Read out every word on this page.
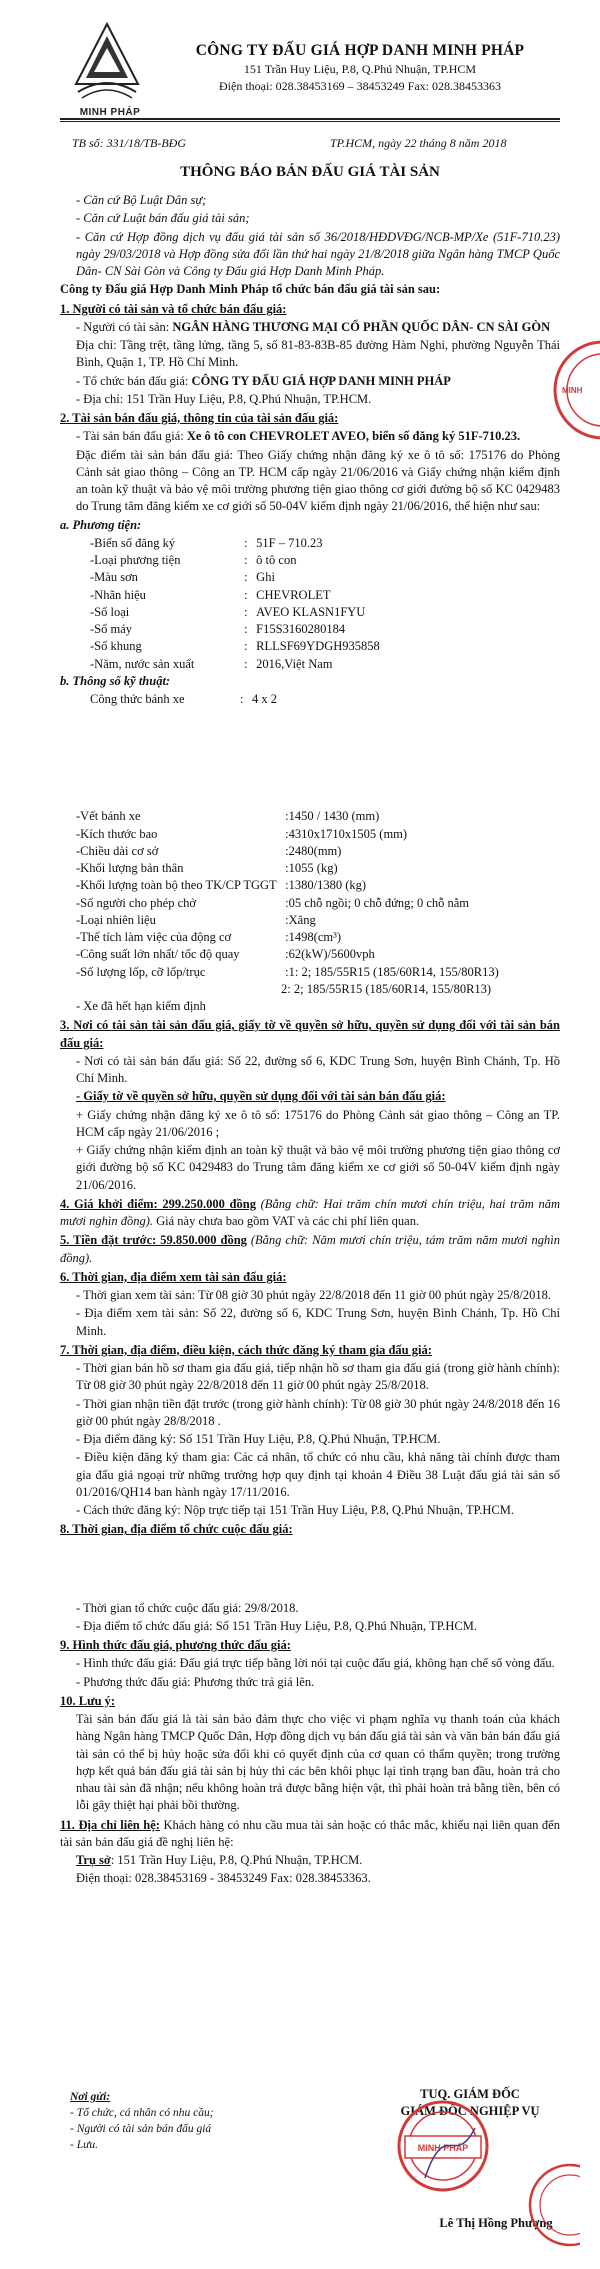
MINH PHÁP
CÔNG TY ĐẤU GIÁ HỢP DANH MINH PHÁP
151 Trần Huy Liệu, P.8, Q.Phú Nhuận, TP.HCM
Điện thoại: 028.38453169 – 38453249 Fax: 028.38453363
TB số: 331/18/TB-BĐG	TP.HCM, ngày 22 tháng 8 năm 2018
THÔNG BÁO BÁN ĐẤU GIÁ TÀI SẢN

- Căn cứ Bộ Luật Dân sự;

- Căn cứ Luật bán đấu giá tài sản;

- Căn cứ Hợp đồng dịch vụ đấu giá tài sản số 36/2018/HĐDVĐG/NCB-MP/Xe (51F-710.23) ngày 29/03/2018 và Hợp đồng sửa đổi lần thứ hai ngày 21/8/2018 giữa Ngân hàng TMCP Quốc Dân- CN Sài Gòn và Công ty Đấu giá Hợp Danh Minh Pháp.

Công ty Đấu giá Hợp Danh Minh Pháp tổ chức bán đấu giá tài sản sau:

1. Người có tài sản và tổ chức bán đấu giá:

- Người có tài sản: NGÂN HÀNG THƯƠNG MẠI CỔ PHẦN QUỐC DÂN- CN SÀI GÒN

Địa chỉ: Tầng trệt, tầng lửng, tầng 5, số 81-83-83B-85 đường Hàm Nghi, phường Nguyễn Thái Bình, Quận 1, TP. Hồ Chí Minh.

- Tổ chức bán đấu giá: CÔNG TY ĐẤU GIÁ HỢP DANH MINH PHÁP

- Địa chỉ: 151 Trần Huy Liệu, P.8, Q.Phú Nhuận, TP.HCM.

2. Tài sản bán đấu giá, thông tin của tài sản đấu giá:

- Tài sản bán đấu giá: Xe ô tô con CHEVROLET AVEO, biển số đăng ký 51F-710.23.

Đặc điểm tài sản bán đấu giá: Theo Giấy chứng nhận đăng ký xe ô tô số: 175176 do Phòng Cảnh sát giao thông – Công an TP. HCM cấp ngày 21/06/2016 và Giấy chứng nhận kiểm định an toàn kỹ thuật và bảo vệ môi trường phương tiện giao thông cơ giới đường bộ số KC 0429483 do Trung tâm đăng kiểm xe cơ giới số 50-04V kiểm định ngày 21/06/2016, thể hiện như sau:

a. Phương tiện:

- Biển số đăng ký	: 51F – 710.23
- Loại phương tiện	: ô tô con
- Màu sơn	: Ghi
- Nhãn hiệu	: CHEVROLET
- Số loại	: AVEO KLASN1FYU
- Số máy	: F15S3160280184
- Số khung	: RLLSF69YDGH935858
- Năm, nước sản xuất	: 2016,Việt Nam

b. Thông số kỹ thuật:

Công thức bánh xe	: 4 x 2
- Vết bánh xe	: 1450 / 1430 (mm)
- Kích thước bao	: 4310x1710x1505 (mm)
- Chiều dài cơ sở	: 2480(mm)
- Khối lượng bản thân	: 1055 (kg)
- Khối lượng toàn bộ theo TK/CP TGGT : 1380/1380 (kg)
- Số người cho phép chở	: 05 chỗ ngồi; 0 chỗ đứng; 0 chỗ nằm
- Loại nhiên liệu	: Xăng
- Thể tích làm việc của động cơ	: 1498(cm³)
- Công suất lớn nhất/ tốc độ quay	: 62(kW)/5600vph
- Số lượng lốp, cỡ lốp/trục	: 1: 2; 185/55R15 (185/60R14, 155/80R13)
2: 2; 185/55R15 (185/60R14, 155/80R13)

- Xe đã hết hạn kiểm định

3. Nơi có tài sản tài sản đấu giá, giấy tờ về quyền sở hữu, quyền sử dụng đối với tài sản bán đấu giá:

- Nơi có tài sản bán đấu giá: Số 22, đường số 6, KDC Trung Sơn, huyện Bình Chánh, Tp. Hồ Chí Minh.

- Giấy tờ về quyền sở hữu, quyền sử dụng đối với tài sản bán đấu giá:

+ Giấy chứng nhận đăng ký xe ô tô số: 175176 do Phòng Cảnh sát giao thông – Công an TP. HCM cấp ngày 21/06/2016 ;

+ Giấy chứng nhận kiểm định an toàn kỹ thuật và bảo vệ môi trường phương tiện giao thông cơ giới đường bộ số KC 0429483 do Trung tâm đăng kiểm xe cơ giới số 50-04V kiểm định ngày 21/06/2016.

4. Giá khởi điểm: 299.250.000 đồng (Bằng chữ: Hai trăm chín mươi chín triệu, hai trăm năm mươi nghìn đồng). Giá này chưa bao gồm VAT và các chi phí liên quan.

5. Tiền đặt trước: 59.850.000 đồng (Bằng chữ: Năm mươi chín triệu, tám trăm năm mươi nghìn đồng).

6. Thời gian, địa điểm xem tài sản đấu giá:

- Thời gian xem tài sản: Từ 08 giờ 30 phút ngày 22/8/2018 đến 11 giờ 00 phút ngày 25/8/2018.

- Địa điểm xem tài sản: Số 22, đường số 6, KDC Trung Sơn, huyện Bình Chánh, Tp. Hồ Chí Minh.

7. Thời gian, địa điểm, điều kiện, cách thức đăng ký tham gia đấu giá:

- Thời gian bán hồ sơ tham gia đấu giá, tiếp nhận hồ sơ tham gia đấu giá (trong giờ hành chính): Từ 08 giờ 30 phút ngày 22/8/2018 đến 11 giờ 00 phút ngày 25/8/2018.

- Thời gian nhận tiền đặt trước (trong giờ hành chính): Từ 08 giờ 30 phút ngày 24/8/2018 đến 16 giờ 00 phút ngày 28/8/2018 .

- Địa điểm đăng ký: Số 151 Trần Huy Liệu, P.8, Q.Phú Nhuận, TP.HCM.

- Điều kiện đăng ký tham gia: Các cá nhân, tổ chức có nhu cầu, khả năng tài chính được tham gia đấu giá ngoại trừ những trường hợp quy định tại khoản 4 Điều 38 Luật đấu giá tài sản số 01/2016/QH14 ban hành ngày 17/11/2016.

- Cách thức đăng ký: Nộp trực tiếp tại 151 Trần Huy Liệu, P.8, Q.Phú Nhuận, TP.HCM.

8. Thời gian, địa điểm tổ chức cuộc đấu giá:

- Thời gian tổ chức cuộc đấu giá: 29/8/2018.

- Địa điểm tổ chức đấu giá: Số 151 Trần Huy Liệu, P.8, Q.Phú Nhuận, TP.HCM.

9. Hình thức đấu giá, phương thức đấu giá:

- Hình thức đấu giá: Đấu giá trực tiếp bằng lời nói tại cuộc đấu giá, không hạn chế số vòng đấu.

- Phương thức đấu giá: Phương thức trả giá lên.

10. Lưu ý:

Tài sản bán đấu giá là tài sản bảo đảm thực cho việc vi phạm nghĩa vụ thanh toán của khách hàng Ngân hàng TMCP Quốc Dân, Hợp đồng dịch vụ bán đấu giá tài sản và văn bản bán đấu giá tài sản có thể bị hủy hoặc sửa đổi khi có quyết định của cơ quan có thẩm quyền; trong trường hợp kết quả bán đấu giá tài sản bị hủy thì các bên khôi phục lại tình trạng ban đầu, hoàn trả cho nhau tài sản đã nhận; nếu không hoàn trả được bằng hiện vật, thì phải hoàn trả bằng tiền, bên có lỗi gây thiệt hại phải bồi thường.

11. Địa chỉ liên hệ: Khách hàng có nhu cầu mua tài sản hoặc có thắc mắc, khiếu nại liên quan đến tài sản bán đấu giá đề nghị liên hệ:

Trụ sở: 151 Trần Huy Liệu, P.8, Q.Phú Nhuận, TP.HCM.

Điện thoại: 028.38453169 - 38453249 Fax: 028.38453363.

Nơi gửi:

- Tổ chức, cá nhân có nhu cầu;

- Người có tài sản bán đấu giá

- Lưu.

TUQ. GIÁM ĐỐC
GIÁM ĐỐC NGHIỆP VỤ
MINH PHÁP
Lê Thị Hồng Phượng
MINH
